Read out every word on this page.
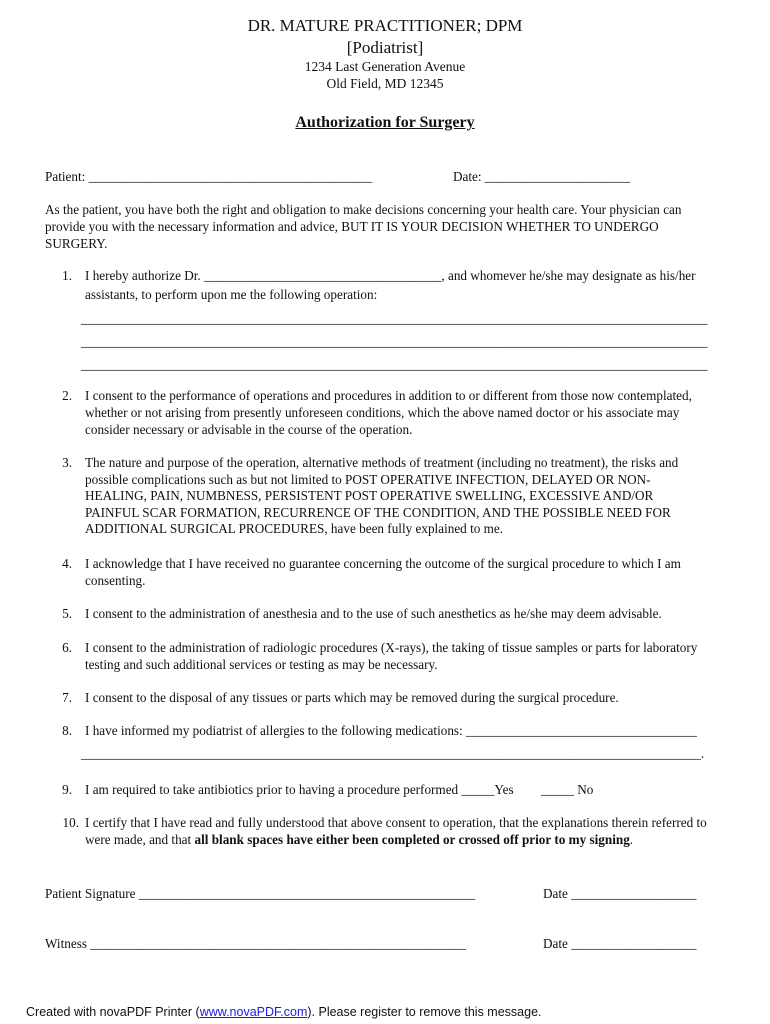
DR. MATURE PRACTITIONER; DPM
[Podiatrist]
1234 Last Generation Avenue
Old Field, MD 12345
Authorization for Surgery
Patient: ___________________________________________	Date: ______________________
As the patient, you have both the right and obligation to make decisions concerning your health care. Your physician can
provide you with the necessary information and advice, BUT IT IS YOUR DECISION WHETHER TO UNDERGO
SURGERY.
1. I hereby authorize Dr. ____________________________________, and whomever he/she may designate as his/her
assistants, to perform upon me the following operation:
_______________________________________________________________________________________________
_______________________________________________________________________________________________
_______________________________________________________________________________________________
2. I consent to the performance of operations and procedures in addition to or different from those now contemplated,
whether or not arising from presently unforeseen conditions, which the above named doctor or his associate may
consider necessary or advisable in the course of the operation.
3. The nature and purpose of the operation, alternative methods of treatment (including no treatment), the risks and
possible complications such as but not limited to POST OPERATIVE INFECTION, DELAYED OR NON-
HEALING, PAIN, NUMBNESS, PERSISTENT POST OPERATIVE SWELLING, EXCESSIVE AND/OR
PAINFUL SCAR FORMATION, RECURRENCE OF THE CONDITION, AND THE POSSIBLE NEED FOR
ADDITIONAL SURGICAL PROCEDURES, have been fully explained to me.
4. I acknowledge that I have received no guarantee concerning the outcome of the surgical procedure to which I am
consenting.
5. I consent to the administration of anesthesia and to the use of such anesthetics as he/she may deem advisable.
6. I consent to the administration of radiologic procedures (X-rays), the taking of tissue samples or parts for laboratory
testing and such additional services or testing as may be necessary.
7. I consent to the disposal of any tissues or parts which may be removed during the surgical procedure.
8. I have informed my podiatrist of allergies to the following medications: ___________________________________
______________________________________________________________________________________________.
9. I am required to take antibiotics prior to having a procedure performed _____Yes _____ No
10. I certify that I have read and fully understood that above consent to operation, that the explanations therein referred to
were made, and that all blank spaces have either been completed or crossed off prior to my signing.
Patient Signature ___________________________________________________	Date ___________________
Witness _________________________________________________________	Date ___________________
Created with novaPDF Printer (www.novaPDF.com). Please register to remove this message.
